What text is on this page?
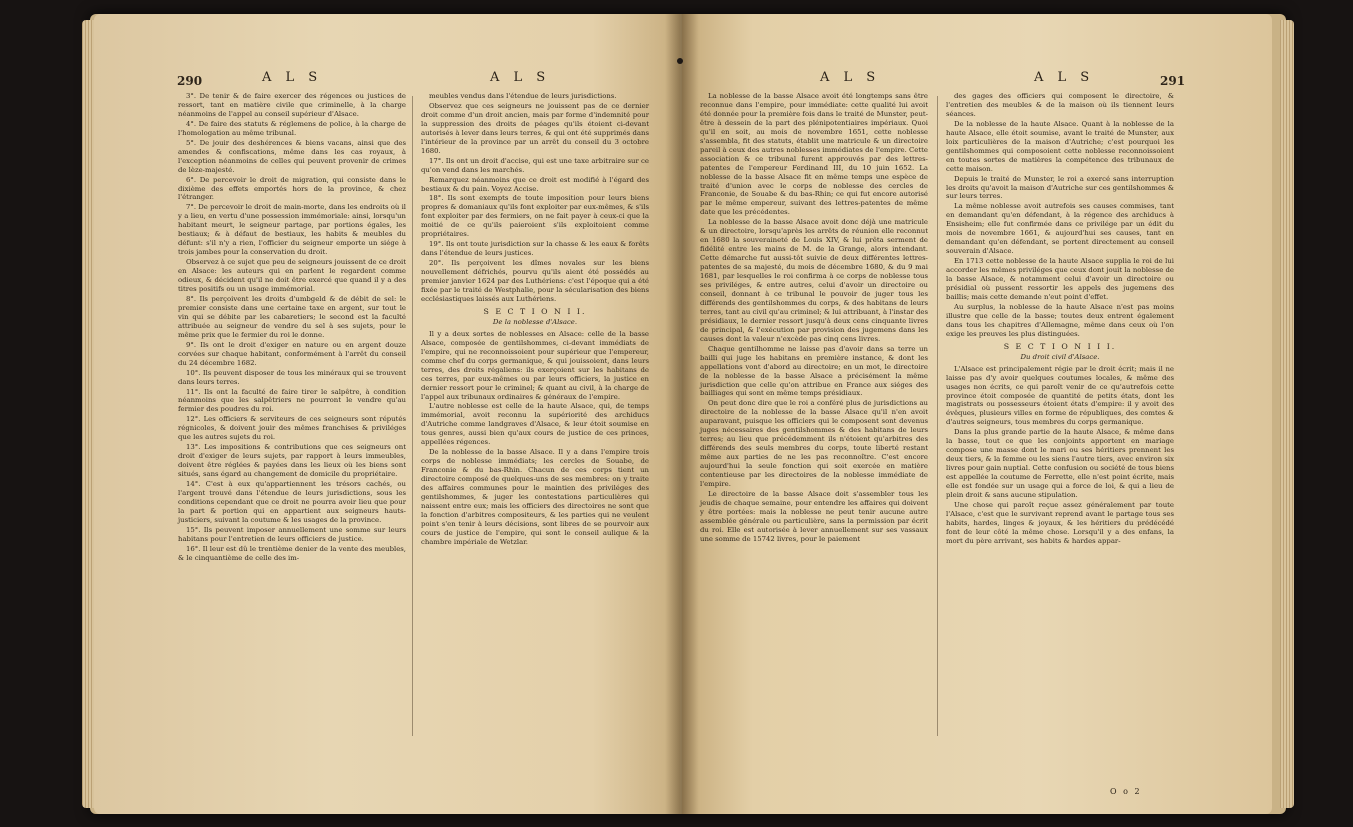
290	A L S	A L S

3°. De tenir & de faire exercer des régences ou justices de ressort, tant en matière civile que criminelle, à la charge néanmoins de l'appel au conseil supérieur d'Alsace.

4°. De faire des statuts & réglemens de police, à la charge de l'homologation au même tribunal.

5°. De jouir des deshérences & biens vacans, ainsi que des amendes & confiscations, même dans les cas royaux, à l'exception néanmoins de celles qui peuvent provenir de crimes de lèze-majesté.

6°. De percevoir le droit de migration, qui consiste dans le dixième des effets emportés hors de la province, & chez l'étranger.

7°. De percevoir le droit de main-morte, dans les endroits où il y a lieu, en vertu d'une possession immémoriale: ainsi, lorsqu'un habitant meurt, le seigneur partage, par portions égales, les bestiaux; & à défaut de bestiaux, les habits & meubles du défunt: s'il n'y a rien, l'officier du seigneur emporte un siége à trois jambes pour la conservation du droit.

Observez à ce sujet que peu de seigneurs jouissent de ce droit en Alsace: les auteurs qui en parlent le regardent comme odieux, & décident qu'il ne doit être exercé que quand il y a des titres positifs ou un usage immémorial.

8°. Ils perçoivent les droits d'umbgeld & de débit de sel: le premier consiste dans une certaine taxe en argent, sur tout le vin qui se débite par les cabaretiers; le second est la faculté attribuée au seigneur de vendre du sel à ses sujets, pour le même prix que le fermier du roi le donne.

9°. Ils ont le droit d'exiger en nature ou en argent douze corvées sur chaque habitant, conformément à l'arrêt du conseil du 24 décembre 1682.

10°. Ils peuvent disposer de tous les minéraux qui se trouvent dans leurs terres.

11°. Ils ont la faculté de faire tirer le salpêtre, à condition néanmoins que les salpêtriers ne pourront le vendre qu'au fermier des poudres du roi.

12°. Les officiers & serviteurs de ces seigneurs sont réputés régnicoles, & doivent jouir des mêmes franchises & priviléges que les autres sujets du roi.

13°. Les impositions & contributions que ces seigneurs ont droit d'exiger de leurs sujets, par rapport à leurs immeubles, doivent être réglées & payées dans les lieux où les biens sont situés, sans égard au changement de domicile du propriétaire.

14°. C'est à eux qu'appartiennent les trésors cachés, ou l'argent trouvé dans l'étendue de leurs jurisdictions, sous les conditions cependant que ce droit ne pourra avoir lieu que pour la part & portion qui en appartient aux seigneurs hauts-justiciers, suivant la coutume & les usages de la province.

15°. Ils peuvent imposer annuellement une somme sur leurs habitans pour l'entretien de leurs officiers de justice.

16°. Il leur est dû le trentième denier de la vente des meubles, & le cinquantième de celle des im-

meubles vendus dans l'étendue de leurs jurisdictions.

Observez que ces seigneurs ne jouissent pas de ce dernier droit comme d'un droit ancien, mais par forme d'indemnité pour la suppression des droits de péages qu'ils étoient ci-devant autorisés à lever dans leurs terres, & qui ont été supprimés dans l'intérieur de la province par un arrêt du conseil du 3 octobre 1680.

17°. Ils ont un droit d'accise, qui est une taxe arbitraire sur ce qu'on vend dans les marchés.

Remarquez néanmoins que ce droit est modifié à l'égard des bestiaux & du pain. Voyez Accise.

18°. Ils sont exempts de toute imposition pour leurs biens propres & domaniaux qu'ils font exploiter par eux-mêmes, & s'ils font exploiter par des fermiers, on ne fait payer à ceux-ci que la moitié de ce qu'ils paieroient s'ils exploitoient comme propriétaires.

19°. Ils ont toute jurisdiction sur la chasse & les eaux & forêts dans l'étendue de leurs justices.

20°. Ils perçoivent les dîmes novales sur les biens nouvellement défrichés, pourvu qu'ils aient été possédés au premier janvier 1624 par des Luthériens: c'est l'époque qui a été fixée par le traité de Westphalie, pour la sécularisation des biens ecclésiastiques laissés aux Luthériens.

S E C T I O N I I.

De la noblesse d'Alsace.

Il y a deux sortes de noblesses en Alsace: celle de la basse Alsace, composée de gentilshommes, ci-devant immédiats de l'empire, qui ne reconnoissoient pour supérieur que l'empereur, comme chef du corps germanique, & qui jouissoient, dans leurs terres, des droits régaliens: ils exerçoient sur les habitans de ces terres, par eux-mêmes ou par leurs officiers, la justice en dernier ressort pour le criminel; & quant au civil, à la charge de l'appel aux tribunaux ordinaires & généraux de l'empire.

L'autre noblesse est celle de la haute Alsace, qui, de temps immémorial, avoit reconnu la supériorité des archiducs d'Autriche comme landgraves d'Alsace, & leur étoit soumise en tous genres, aussi bien qu'aux cours de justice de ces princes, appellées régences.

De la noblesse de la basse Alsace. Il y a dans l'empire trois corps de noblesse immédiats; les cercles de Souabe, de Franconie & du bas-Rhin. Chacun de ces corps tient un directoire composé de quelques-uns de ses membres: on y traite des affaires communes pour le maintien des priviléges des gentilshommes, & juger les contestations particulières qui naissent entre eux; mais les officiers des directoires ne sont que la fonction d'arbitres compositeurs, & les parties qui ne veulent point s'en tenir à leurs décisions, sont libres de se pourvoir aux cours de justice de l'empire, qui sont le conseil aulique & la chambre impériale de Wetzlar.

A L S	A L S	291

La noblesse de la basse Alsace avoit été longtemps sans être reconnue dans l'empire, pour immédiate: cette qualité lui avoit été donnée pour la première fois dans le traité de Munster, peut-être à dessein de la part des plénipotentiaires impériaux. Quoi qu'il en soit, au mois de novembre 1651, cette noblesse s'assembla, fit des statuts, établit une matricule & un directoire pareil à ceux des autres noblesses immédiates de l'empire. Cette association & ce tribunal furent approuvés par des lettres-patentes de l'empereur Ferdinand III, du 10 juin 1652. La noblesse de la basse Alsace fit en même temps une espèce de traité d'union avec le corps de noblesse des cercles de Franconie, de Souabe & du bas-Rhin; ce qui fut encore autorisé par le même empereur, suivant des lettres-patentes de même date que les précédentes.

La noblesse de la basse Alsace avoit donc déjà une matricule & un directoire, lorsqu'après les arrêts de réunion elle reconnut en 1680 la souveraineté de Louis XIV, & lui prêta serment de fidélité entre les mains de M. de la Grange, alors intendant. Cette démarche fut aussi-tôt suivie de deux différentes lettres-patentes de sa majesté, du mois de décembre 1680, & du 9 mai 1681, par lesquelles le roi confirma à ce corps de noblesse tous ses priviléges, & entre autres, celui d'avoir un directoire ou conseil, donnant à ce tribunal le pouvoir de juger tous les différends des gentilshommes du corps, & des habitans de leurs terres, tant au civil qu'au criminel; & lui attribuant, à l'instar des présidiaux, le dernier ressort jusqu'à deux cens cinquante livres de principal, & l'exécution par provision des jugemens dans les causes dont la valeur n'excède pas cinq cens livres.

Chaque gentilhomme ne laisse pas d'avoir dans sa terre un bailli qui juge les habitans en première instance, & dont les appellations vont d'abord au directoire; en un mot, le directoire de la noblesse de la basse Alsace a précisément la même jurisdiction que celle qu'on attribue en France aux siéges des bailliages qui sont en même temps présidiaux.

On peut donc dire que le roi a conféré plus de jurisdictions au directoire de la noblesse de la basse Alsace qu'il n'en avoit auparavant, puisque les officiers qui le composent sont devenus juges nécessaires des gentilshommes & des habitans de leurs terres; au lieu que précédemment ils n'étoient qu'arbitres des différends des seuls membres du corps, toute liberté restant même aux parties de ne les pas reconnoître. C'est encore aujourd'hui la seule fonction qui soit exercée en matière contentieuse par les directoires de la noblesse immédiate de l'empire.

Le directoire de la basse Alsace doit s'assembler tous les jeudis de chaque semaine, pour entendre les affaires qui doivent y être portées: mais la noblesse ne peut tenir aucune autre assemblée générale ou particulière, sans la permission par écrit du roi. Elle est autorisée à lever annuellement sur ses vassaux une somme de 15742 livres, pour le paiement

des gages des officiers qui composent le directoire, & l'entretien des meubles & de la maison où ils tiennent leurs séances.

De la noblesse de la haute Alsace. Quant à la noblesse de la haute Alsace, elle étoit soumise, avant le traité de Munster, aux loix particulières de la maison d'Autriche; c'est pourquoi les gentilshommes qui composoient cette noblesse reconnoissoient en toutes sortes de matières la compétence des tribunaux de cette maison.

Depuis le traité de Munster, le roi a exercé sans interruption les droits qu'avoit la maison d'Autriche sur ces gentilshommes & sur leurs terres.

La même noblesse avoit autrefois ses causes commises, tant en demandant qu'en défendant, à la régence des archiducs à Ensisheim; elle fut confirmée dans ce privilége par un édit du mois de novembre 1661, & aujourd'hui ses causes, tant en demandant qu'en défendant, se portent directement au conseil souverain d'Alsace.

En 1713 cette noblesse de la haute Alsace supplia le roi de lui accorder les mêmes priviléges que ceux dont jouit la noblesse de la basse Alsace, & notamment celui d'avoir un directoire ou présidial où pussent ressortir les appels des jugemens des baillis; mais cette demande n'eut point d'effet.

Au surplus, la noblesse de la haute Alsace n'est pas moins illustre que celle de la basse; toutes deux entrent également dans tous les chapitres d'Allemagne, même dans ceux où l'on exige les preuves les plus distinguées.

S E C T I O N I I I.

Du droit civil d'Alsace.

L'Alsace est principalement régie par le droit écrit; mais il ne laisse pas d'y avoir quelques coutumes locales, & même des usages non écrits, ce qui paroît venir de ce qu'autrefois cette province étoit composée de quantité de petits états, dont les magistrats ou possesseurs étoient états d'empire: il y avoit des évêques, plusieurs villes en forme de républiques, des comtes & d'autres seigneurs, tous membres du corps germanique.

Dans la plus grande partie de la haute Alsace, & même dans la basse, tout ce que les conjoints apportent en mariage compose une masse dont le mari ou ses héritiers prennent les deux tiers, & la femme ou les siens l'autre tiers, avec environ six livres pour gain nuptial. Cette confusion ou société de tous biens est appellée la coutume de Ferrette, elle n'est point écrite, mais elle est fondée sur un usage qui a force de loi, & qui a lieu de plein droit & sans aucune stipulation.

Une chose qui paroît reçue assez généralement par toute l'Alsace, c'est que le survivant reprend avant le partage tous ses habits, hardes, linges & joyaux, & les héritiers du prédécédé font de leur côté la même chose. Lorsqu'il y a des enfans, la mort du père arrivant, ses habits & hardes appar-

O o 2
